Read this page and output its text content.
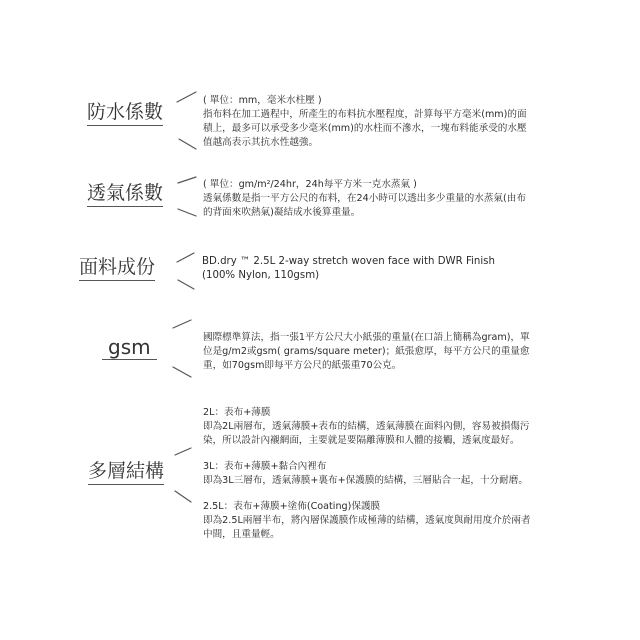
防水係數
透氣係數
面料成份
gsm
多層結構
( 單位：mm，毫米水柱壓 )
指布料在加工過程中，所產生的布料抗水壓程度，計算每平方毫米(mm)的面
積上，最多可以承受多少毫米(mm)的水柱而不滲水，一塊布料能承受的水壓
值越高表示其抗水性越強。
( 單位：gm/m²/24hr，24h每平方米一克水蒸氣 )
透氣係數是指一平方公尺的布料，在24小時可以透出多少重量的水蒸氣(由布
的背面來吹熱氣)凝結成水後算重量。
BD.dry ™ 2.5L 2-way stretch woven face with DWR Finish
(100% Nylon, 110gsm)
國際標準算法，指一張1平方公尺大小紙張的重量(在口語上簡稱為gram)，單
位是g/m2或gsm( grams/square meter)；紙張愈厚，每平方公尺的重量愈
重，如70gsm即每平方公尺的紙張重70公克。
2L：表布+薄膜
即為2L兩層布，透氣薄膜+表布的結構，透氣薄膜在面料內側，容易被損傷污
染，所以設計內襯網面，主要就是要隔離薄膜和人體的接觸，透氣度最好。
3L：表布+薄膜+黏合內裡布
即為3L三層布，透氣薄膜+裏布+保護膜的結構，三層貼合一起，十分耐磨。
2.5L：表布+薄膜+塗佈(Coating)保護膜
即為2.5L兩層半布，將內層保護膜作成極薄的結構，透氣度與耐用度介於兩者
中間，且重量輕。
